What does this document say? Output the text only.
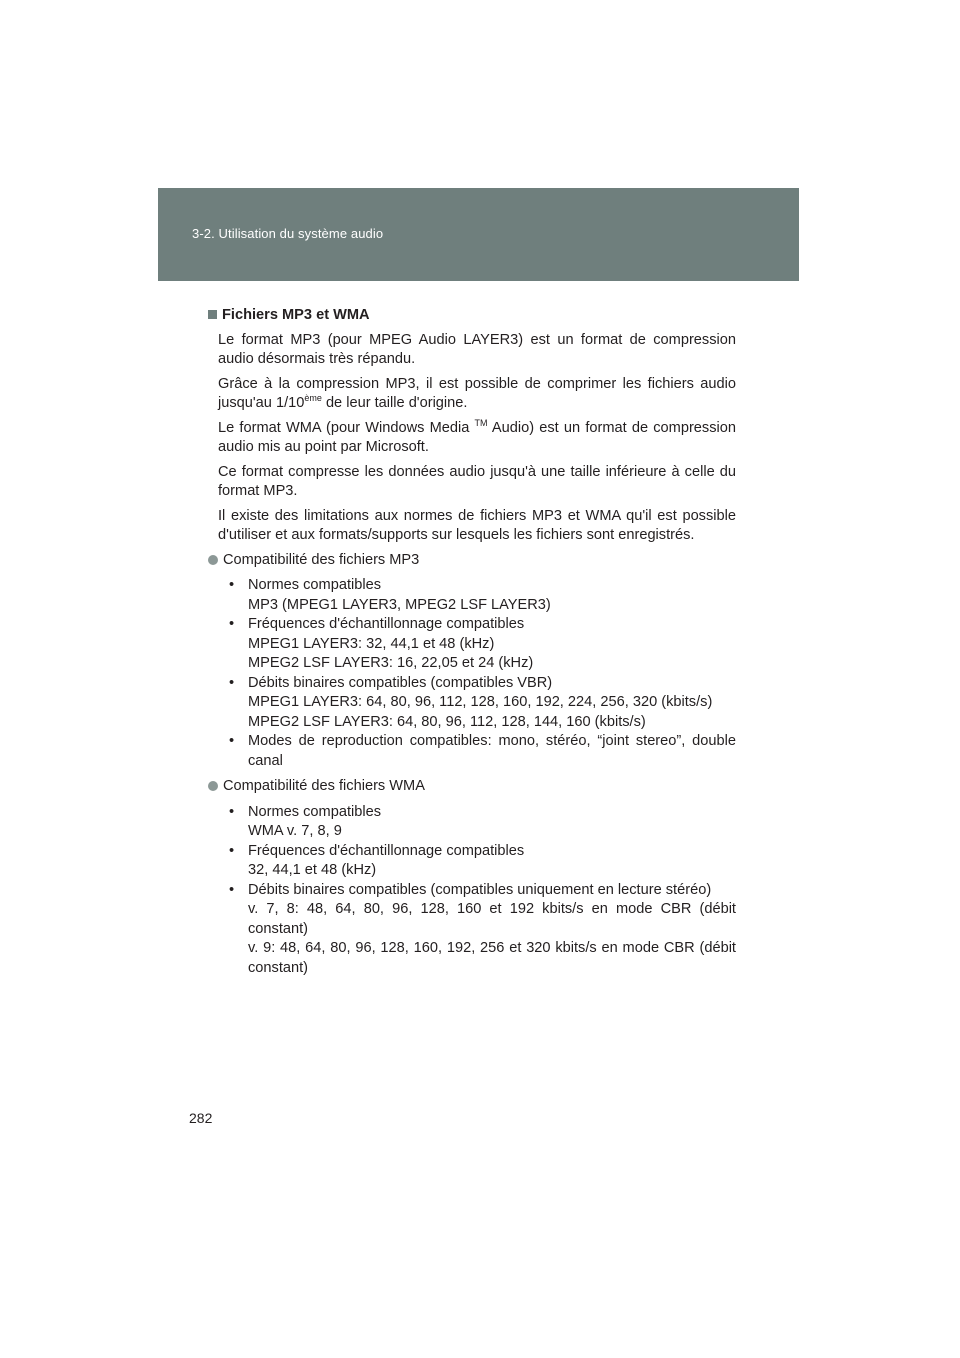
3-2. Utilisation du système audio
Fichiers MP3 et WMA

Le format MP3 (pour MPEG Audio LAYER3) est un format de compression audio désormais très répandu.

Grâce à la compression MP3, il est possible de comprimer les fichiers audio jusqu'au 1/10ème de leur taille d'origine.

Le format WMA (pour Windows Media ™ Audio) est un format de compression audio mis au point par Microsoft.

Ce format compresse les données audio jusqu'à une taille inférieure à celle du format MP3.

Il existe des limitations aux normes de fichiers MP3 et WMA qu'il est possible d'utiliser et aux formats/supports sur lesquels les fichiers sont enregistrés.

Compatibilité des fichiers MP3
• Normes compatibles
MP3 (MPEG1 LAYER3, MPEG2 LSF LAYER3)
• Fréquences d'échantillonnage compatibles
MPEG1 LAYER3: 32, 44,1 et 48 (kHz)
MPEG2 LSF LAYER3: 16, 22,05 et 24 (kHz)
• Débits binaires compatibles (compatibles VBR)
MPEG1 LAYER3: 64, 80, 96, 112, 128, 160, 192, 224, 256, 320 (kbits/s)
MPEG2 LSF LAYER3: 64, 80, 96, 112, 128, 144, 160 (kbits/s)
• Modes de reproduction compatibles: mono, stéréo, “joint stereo”, double canal
Compatibilité des fichiers WMA
• Normes compatibles
WMA v. 7, 8, 9
• Fréquences d'échantillonnage compatibles
32, 44,1 et 48 (kHz)
• Débits binaires compatibles (compatibles uniquement en lecture stéréo)
v. 7, 8: 48, 64, 80, 96, 128, 160 et 192 kbits/s en mode CBR (débit constant)
v. 9: 48, 64, 80, 96, 128, 160, 192, 256 et 320 kbits/s en mode CBR (débit constant)
282
